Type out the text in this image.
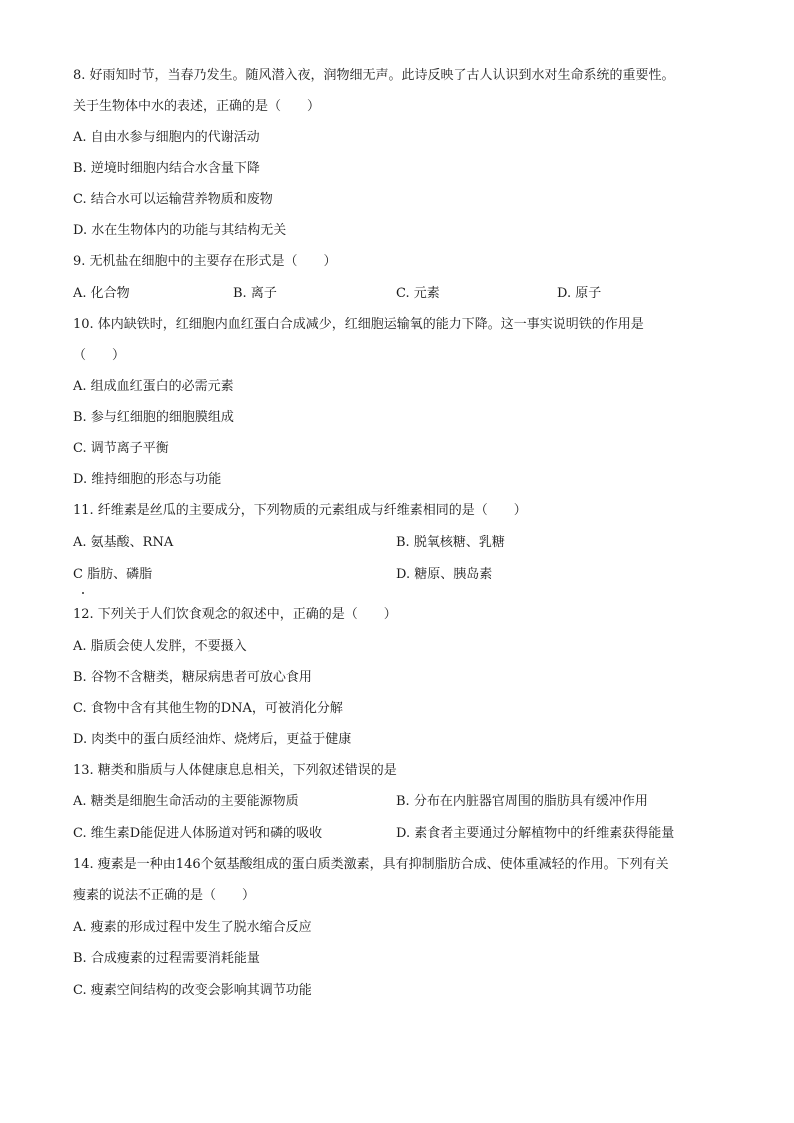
8. 好雨知时节，当春乃发生。随风潜入夜，润物细无声。此诗反映了古人认识到水对生命系统的重要性。
关于生物体中水的表述，正确的是（　　）
A. 自由水参与细胞内的代谢活动
B. 逆境时细胞内结合水含量下降
C. 结合水可以运输营养物质和废物
D. 水在生物体内的功能与其结构无关
9. 无机盐在细胞中的主要存在形式是（　　）
A. 化合物	B. 离子	C. 元素	D. 原子
10. 体内缺铁时，红细胞内血红蛋白合成减少，红细胞运输氧的能力下降。这一事实说明铁的作用是
（　　）
A. 组成血红蛋白的必需元素
B. 参与红细胞的细胞膜组成
C. 调节离子平衡
D. 维持细胞的形态与功能
11. 纤维素是丝瓜的主要成分，下列物质的元素组成与纤维素相同的是（　　）
A. 氨基酸、RNA	B. 脱氧核糖、乳糖
C 脂肪、磷脂	D. 糖原、胰岛素
12. 下列关于人们饮食观念的叙述中，正确的是（　　）
A. 脂质会使人发胖，不要摄入
B. 谷物不含糖类，糖尿病患者可放心食用
C. 食物中含有其他生物的DNA，可被消化分解
D. 肉类中的蛋白质经油炸、烧烤后，更益于健康
13. 糖类和脂质与人体健康息息相关，下列叙述错误的是
A. 糖类是细胞生命活动的主要能源物质	B. 分布在内脏器官周围的脂肪具有缓冲作用
C. 维生素D能促进人体肠道对钙和磷的吸收	D. 素食者主要通过分解植物中的纤维素获得能量
14. 瘦素是一种由146个氨基酸组成的蛋白质类激素，具有抑制脂肪合成、使体重减轻的作用。下列有关
瘦素的说法不正确的是（　　）
A. 瘦素的形成过程中发生了脱水缩合反应
B. 合成瘦素的过程需要消耗能量
C. 瘦素空间结构的改变会影响其调节功能
